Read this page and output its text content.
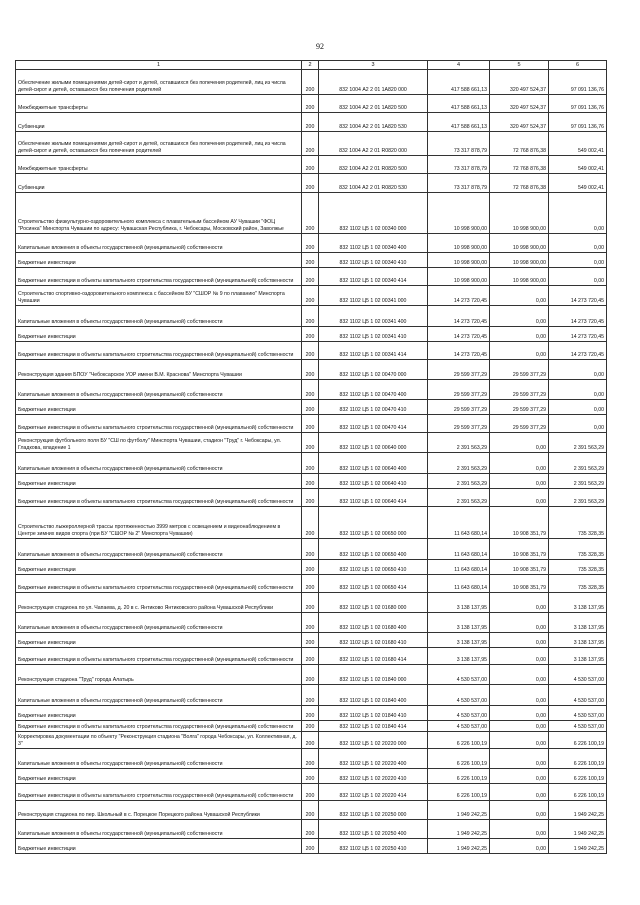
92
1	2	3	4	5	6
Обеспечение жилыми помещениями детей-сирот и детей, оставшихся без попечения родителей, лиц из числа детей-сирот и детей, оставшихся без попечения родителей	200	832 1004 А2 2 01 1А820 000	417 588 661,13	320 497 524,37	97 091 136,76
Межбюджетные трансферты	200	832 1004 А2 2 01 1А820 500	417 588 661,13	320 497 524,37	97 091 136,76
Субвенции	200	832 1004 А2 2 01 1А820 530	417 588 661,13	320 497 524,37	97 091 136,76
Обеспечение жилыми помещениями детей-сирот и детей, оставшихся без попечения родителей, лиц из числа детей-сирот и детей, оставшихся без попечения родителей	200	832 1004 А2 2 01 R0820 000	73 317 878,79	72 768 876,38	549 002,41
Межбюджетные трансферты	200	832 1004 А2 2 01 R0820 500	73 317 878,79	72 768 876,38	549 002,41
Субвенции	200	832 1004 А2 2 01 R0820 530	73 317 878,79	72 768 876,38	549 002,41
Строительство физкультурно-оздоровительного комплекса с плавательным бассейном АУ Чувашии "ФОЦ "Росинка" Минспорта Чувашии по адресу: Чувашская Республика, г. Чебоксары, Московский район, Заволжье	200	832 1102 Ц5 1 02 00340 000	10 998 900,00	10 998 900,00	0,00
Капитальные вложения в объекты государственной (муниципальной) собственности	200	832 1102 Ц5 1 02 00340 400	10 998 900,00	10 998 900,00	0,00
Бюджетные инвестиции	200	832 1102 Ц5 1 02 00340 410	10 998 900,00	10 998 900,00	0,00
Бюджетные инвестиции в объекты капитального строительства государственной (муниципальной) собственности	200	832 1102 Ц5 1 02 00340 414	10 998 900,00	10 998 900,00	0,00
Строительство спортивно-оздоровительного комплекса с бассейном БУ "СШОР № 9 по плаванию" Минспорта Чувашии	200	832 1102 Ц5 1 02 00341 000	14 273 720,45	0,00	14 273 720,45
Капитальные вложения в объекты государственной (муниципальной) собственности	200	832 1102 Ц5 1 02 00341 400	14 273 720,45	0,00	14 273 720,45
Бюджетные инвестиции	200	832 1102 Ц5 1 02 00341 410	14 273 720,45	0,00	14 273 720,45
Бюджетные инвестиции в объекты капитального строительства государственной (муниципальной) собственности	200	832 1102 Ц5 1 02 00341 414	14 273 720,45	0,00	14 273 720,45
Реконструкция здания БПОУ "Чебоксарское УОР имени В.М. Краснова" Минспорта Чувашии	200	832 1102 Ц5 1 02 00470 000	29 599 377,29	29 599 377,29	0,00
Капитальные вложения в объекты государственной (муниципальной) собственности	200	832 1102 Ц5 1 02 00470 400	29 599 377,29	29 599 377,29	0,00
Бюджетные инвестиции	200	832 1102 Ц5 1 02 00470 410	29 599 377,29	29 599 377,29	0,00
Бюджетные инвестиции в объекты капитального строительства государственной (муниципальной) собственности	200	832 1102 Ц5 1 02 00470 414	29 599 377,29	29 599 377,29	0,00
Реконструкция футбольного поля БУ "СШ по футболу" Минспорта Чувашии, стадион "Труд" г. Чебоксары, ул. Гладкова, владение 1	200	832 1102 Ц5 1 02 00640 000	2 391 563,29	0,00	2 391 563,29
Капитальные вложения в объекты государственной (муниципальной) собственности	200	832 1102 Ц5 1 02 00640 400	2 391 563,29	0,00	2 391 563,29
Бюджетные инвестиции	200	832 1102 Ц5 1 02 00640 410	2 391 563,29	0,00	2 391 563,29
Бюджетные инвестиции в объекты капитального строительства государственной (муниципальной) собственности	200	832 1102 Ц5 1 02 00640 414	2 391 563,29	0,00	2 391 563,29
Строительство лыжероллерной трассы протяженностью 3999 метров с освещением и видеонаблюдением в Центре зимних видов спорта (при БУ "СШОР № 2" Минспорта Чувашии)	200	832 1102 Ц5 1 02 00650 000	11 643 680,14	10 908 351,79	735 328,35
Капитальные вложения в объекты государственной (муниципальной) собственности	200	832 1102 Ц5 1 02 00650 400	11 643 680,14	10 908 351,79	735 328,35
Бюджетные инвестиции	200	832 1102 Ц5 1 02 00650 410	11 643 680,14	10 908 351,79	735 328,35
Бюджетные инвестиции в объекты капитального строительства государственной (муниципальной) собственности	200	832 1102 Ц5 1 02 00650 414	11 643 680,14	10 908 351,79	735 328,35
Реконструкция стадиона по ул. Чапаева, д. 20 в с. Янтиково Янтиковского района Чувашской Республики	200	832 1102 Ц5 1 02 01680 000	3 138 137,95	0,00	3 138 137,95
Капитальные вложения в объекты государственной (муниципальной) собственности	200	832 1102 Ц5 1 02 01680 400	3 138 137,95	0,00	3 138 137,95
Бюджетные инвестиции	200	832 1102 Ц5 1 02 01680 410	3 138 137,95	0,00	3 138 137,95
Бюджетные инвестиции в объекты капитального строительства государственной (муниципальной) собственности	200	832 1102 Ц5 1 02 01680 414	3 138 137,95	0,00	3 138 137,95
Реконструкция стадиона "Труд" города Алатырь	200	832 1102 Ц5 1 02 01840 000	4 530 537,00	0,00	4 530 537,00
Капитальные вложения в объекты государственной (муниципальной) собственности	200	832 1102 Ц5 1 02 01840 400	4 530 537,00	0,00	4 530 537,00
Бюджетные инвестиции	200	832 1102 Ц5 1 02 01840 410	4 530 537,00	0,00	4 530 537,00
Бюджетные инвестиции в объекты капитального строительства государственной (муниципальной) собственности	200	832 1102 Ц5 1 02 01840 414	4 530 537,00	0,00	4 530 537,00
Корректировка документации по объекту "Реконструкция стадиона "Волга" города Чебоксары, ул. Коллективная, д. 3"	200	832 1102 Ц5 1 02 20220 000	6 226 100,19	0,00	6 226 100,19
Капитальные вложения в объекты государственной (муниципальной) собственности	200	832 1102 Ц5 1 02 20220 400	6 226 100,19	0,00	6 226 100,19
Бюджетные инвестиции	200	832 1102 Ц5 1 02 20220 410	6 226 100,19	0,00	6 226 100,19
Бюджетные инвестиции в объекты капитального строительства государственной (муниципальной) собственности	200	832 1102 Ц5 1 02 20220 414	6 226 100,19	0,00	6 226 100,19
Реконструкция стадиона по пер. Школьный в с. Порецкое Порецкого района Чувашской Республики	200	832 1102 Ц5 1 02 20250 000	1 949 242,25	0,00	1 949 242,25
Капитальные вложения в объекты государственной (муниципальной) собственности	200	832 1102 Ц5 1 02 20250 400	1 949 242,25	0,00	1 949 242,25
Бюджетные инвестиции	200	832 1102 Ц5 1 02 20250 410	1 949 242,25	0,00	1 949 242,25
